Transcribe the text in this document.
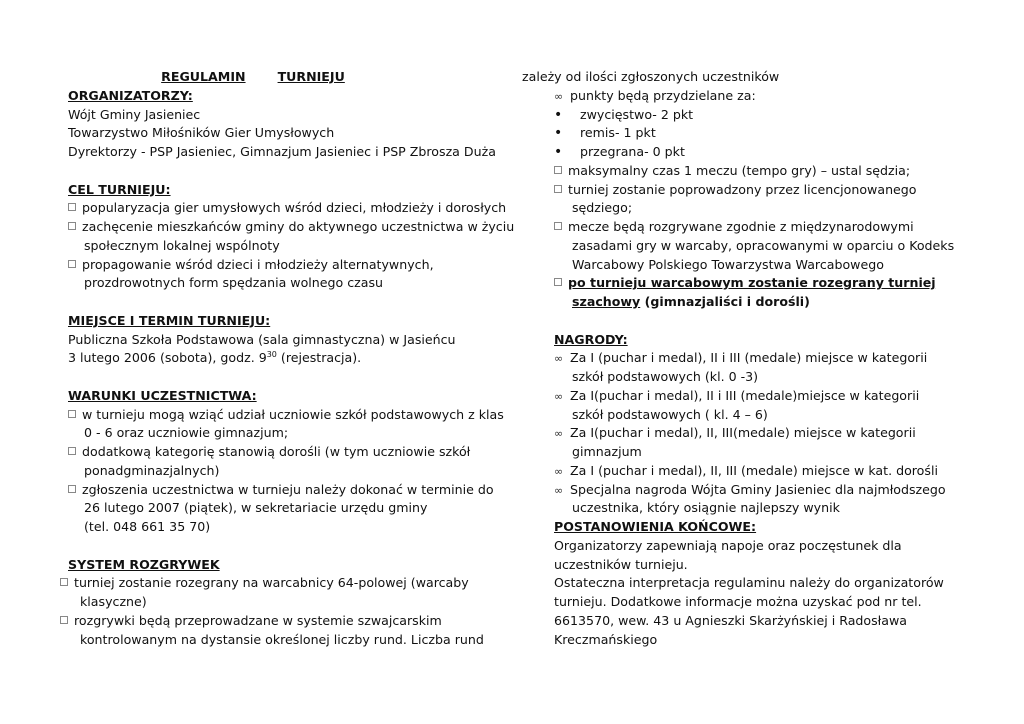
REGULAMIN	TURNIEJU
ORGANIZATORZY:
Wójt Gminy Jasieniec
Towarzystwo Miłośników Gier Umysłowych
Dyrektorzy - PSP Jasieniec, Gimnazjum Jasieniec i PSP Zbrosza Duża
CEL TURNIEJU:
popularyzacja gier umysłowych wśród dzieci, młodzieży i dorosłych
zachęcenie mieszkańców gminy do aktywnego uczestnictwa w życiu
społecznym lokalnej wspólnoty
propagowanie wśród dzieci i młodzieży alternatywnych,
prozdrowotnych form spędzania wolnego czasu
MIEJSCE I TERMIN TURNIEJU:
Publiczna Szkoła Podstawowa (sala gimnastyczna) w Jasieńcu
3 lutego 2006 (sobota), godz. $9^{30}$ (rejestracja).
WARUNKI UCZESTNICTWA:
w turnieju mogą wziąć udział uczniowie szkół podstawowych z klas
0 - 6 oraz uczniowie gimnazjum;
dodatkową kategorię stanowią dorośli (w tym uczniowie szkół
ponadgminazjalnych)
zgłoszenia uczestnictwa w turnieju należy dokonać w terminie do
26 lutego 2007 (piątek), w sekretariacie urzędu gminy
(tel. 048 661 35 70)
SYSTEM ROZGRYWEK
turniej zostanie rozegrany na warcabnicy 64-polowej (warcaby
klasyczne)
rozgrywki będą przeprowadzane w systemie szwajcarskim
kontrolowanym na dystansie określonej liczby rund. Liczba rund
zależy od ilości zgłoszonych uczestników
∞ punkty będą przydzielane za:
• zwycięstwo- 2 pkt
• remis- 1 pkt
• przegrana- 0 pkt
maksymalny czas 1 meczu (tempo gry) – ustal sędzia;
turniej zostanie poprowadzony przez licencjonowanego
sędziego;
mecze będą rozgrywane zgodnie z międzynarodowymi
zasadami gry w warcaby, opracowanymi w oparciu o Kodeks
Warcabowy Polskiego Towarzystwa Warcabowego
po turnieju warcabowym zostanie rozegrany turniej
szachowy (gimnazjaliści i dorośli)
NAGRODY:
∞ Za I (puchar i medal), II i III (medale) miejsce w kategorii
szkół podstawowych (kl. 0 -3)
∞ Za I(puchar i medal), II i III (medale)miejsce w kategorii
szkół podstawowych ( kl. 4 – 6)
∞ Za I(puchar i medal), II, III(medale) miejsce w kategorii
gimnazjum
∞ Za I (puchar i medal), II, III (medale) miejsce w kat. dorośli
∞ Specjalna nagroda Wójta Gminy Jasieniec dla najmłodszego
uczestnika, który osiągnie najlepszy wynik
POSTANOWIENIA KOŃCOWE:
Organizatorzy zapewniają napoje oraz poczęstunek dla
uczestników turnieju.
Ostateczna interpretacja regulaminu należy do organizatorów
turnieju. Dodatkowe informacje można uzyskać pod nr tel.
6613570, wew. 43 u Agnieszki Skarżyńskiej i Radosława
Kreczmańskiego
